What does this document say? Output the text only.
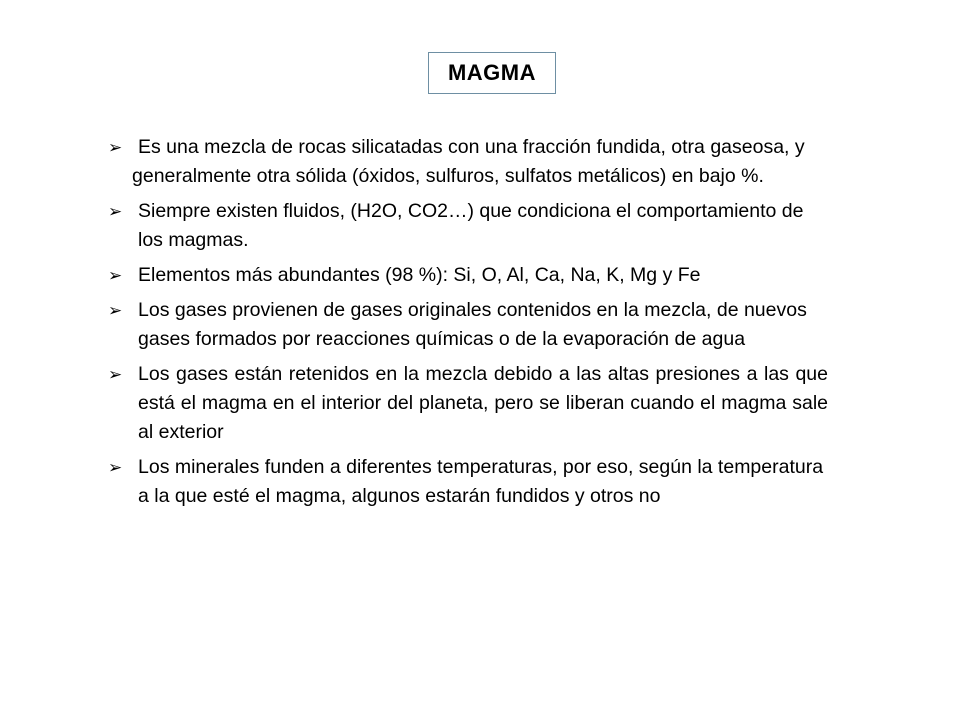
MAGMA
➢ Es una mezcla de rocas silicatadas con una fracción fundida, otra gaseosa, y
generalmente otra sólida (óxidos, sulfuros, sulfatos metálicos) en bajo %.
➢ Siempre existen fluidos, (H2O, CO2…) que condiciona el comportamiento de los magmas.
➢ Elementos más abundantes (98 %): Si, O, Al, Ca, Na, K, Mg y Fe
➢ Los gases provienen de gases originales contenidos en la mezcla, de nuevos gases formados por reacciones químicas o de la evaporación de agua
➢ Los gases están retenidos en la mezcla debido a las altas presiones a las que está el magma en el interior del planeta, pero se liberan cuando el magma sale al exterior
➢ Los minerales funden a diferentes temperaturas, por eso, según la temperatura a la que esté el magma, algunos estarán fundidos y otros no
